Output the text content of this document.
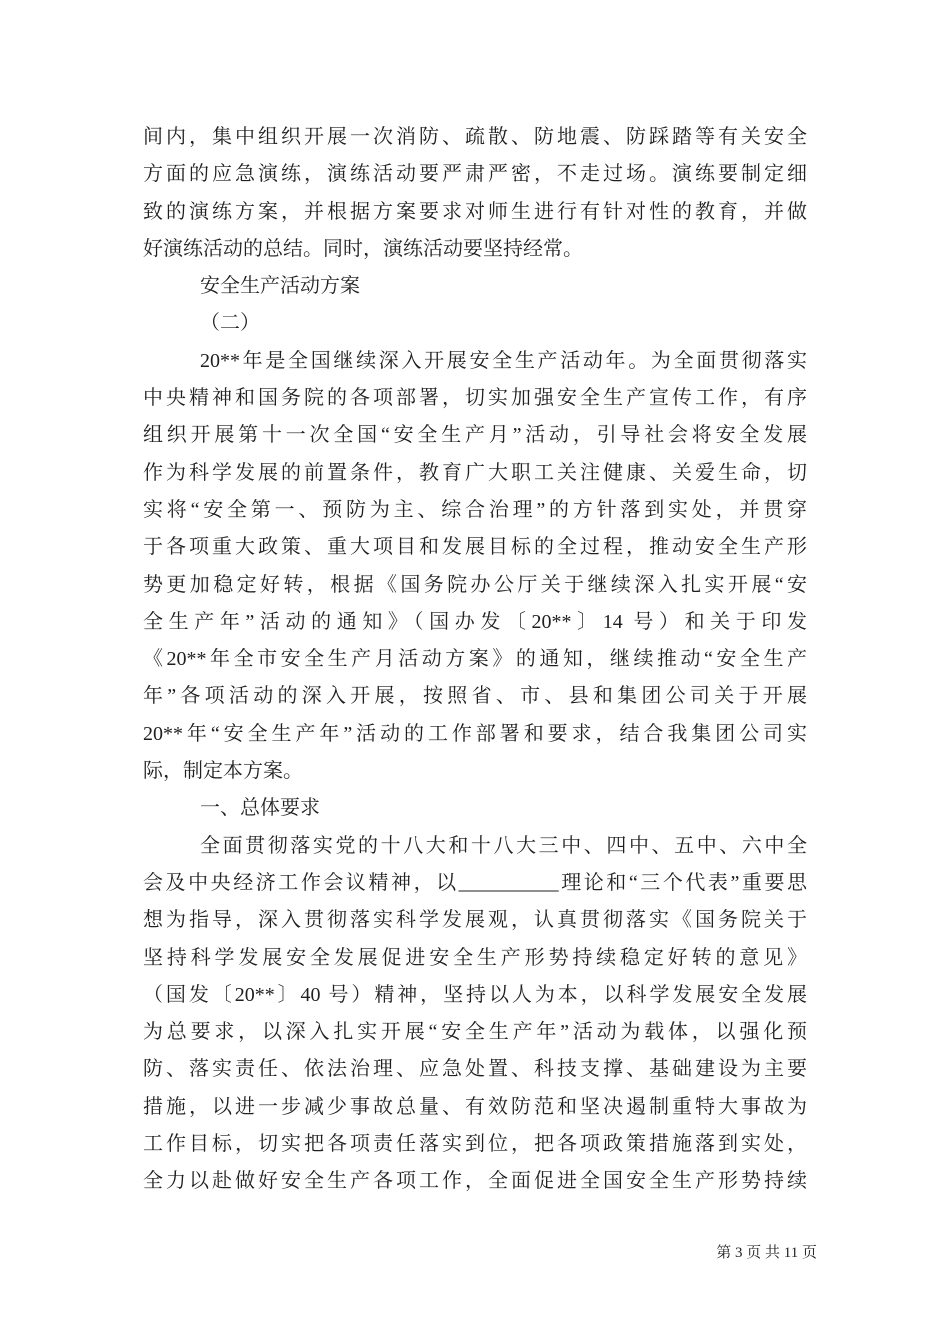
间内，集中组织开展一次消防、疏散、防地震、防踩踏等有关安全
方面的应急演练，演练活动要严肃严密，不走过场。演练要制定细
致的演练方案，并根据方案要求对师生进行有针对性的教育，并做
好演练活动的总结。同时，演练活动要坚持经常。
安全生产活动方案
（二）
20**年是全国继续深入开展安全生产活动年。为全面贯彻落实
中央精神和国务院的各项部署，切实加强安全生产宣传工作，有序
组织开展第十一次全国“安全生产月”活动，引导社会将安全发展
作为科学发展的前置条件，教育广大职工关注健康、关爱生命，切
实将“安全第一、预防为主、综合治理”的方针落到实处，并贯穿
于各项重大政策、重大项目和发展目标的全过程，推动安全生产形
势更加稳定好转，根据《国务院办公厅关于继续深入扎实开展“安
全生产年”活动的通知》（国办发〔20**〕14 号）和关于印发
《20**年全市安全生产月活动方案》的通知，继续推动“安全生产
年”各项活动的深入开展，按照省、市、县和集团公司关于开展
20**年“安全生产年”活动的工作部署和要求，结合我集团公司实
际，制定本方案。
一、总体要求
全面贯彻落实党的十八大和十八大三中、四中、五中、六中全
会及中央经济工作会议精神，以__________理论和“三个代表”重要思
想为指导，深入贯彻落实科学发展观，认真贯彻落实《国务院关于
坚持科学发展安全发展促进安全生产形势持续稳定好转的意见》
（国发〔20**〕40 号）精神，坚持以人为本，以科学发展安全发展
为总要求，以深入扎实开展“安全生产年”活动为载体，以强化预
防、落实责任、依法治理、应急处置、科技支撑、基础建设为主要
措施，以进一步减少事故总量、有效防范和坚决遏制重特大事故为
工作目标，切实把各项责任落实到位，把各项政策措施落到实处，
全力以赴做好安全生产各项工作，全面促进全国安全生产形势持续
第 3 页 共 11 页
